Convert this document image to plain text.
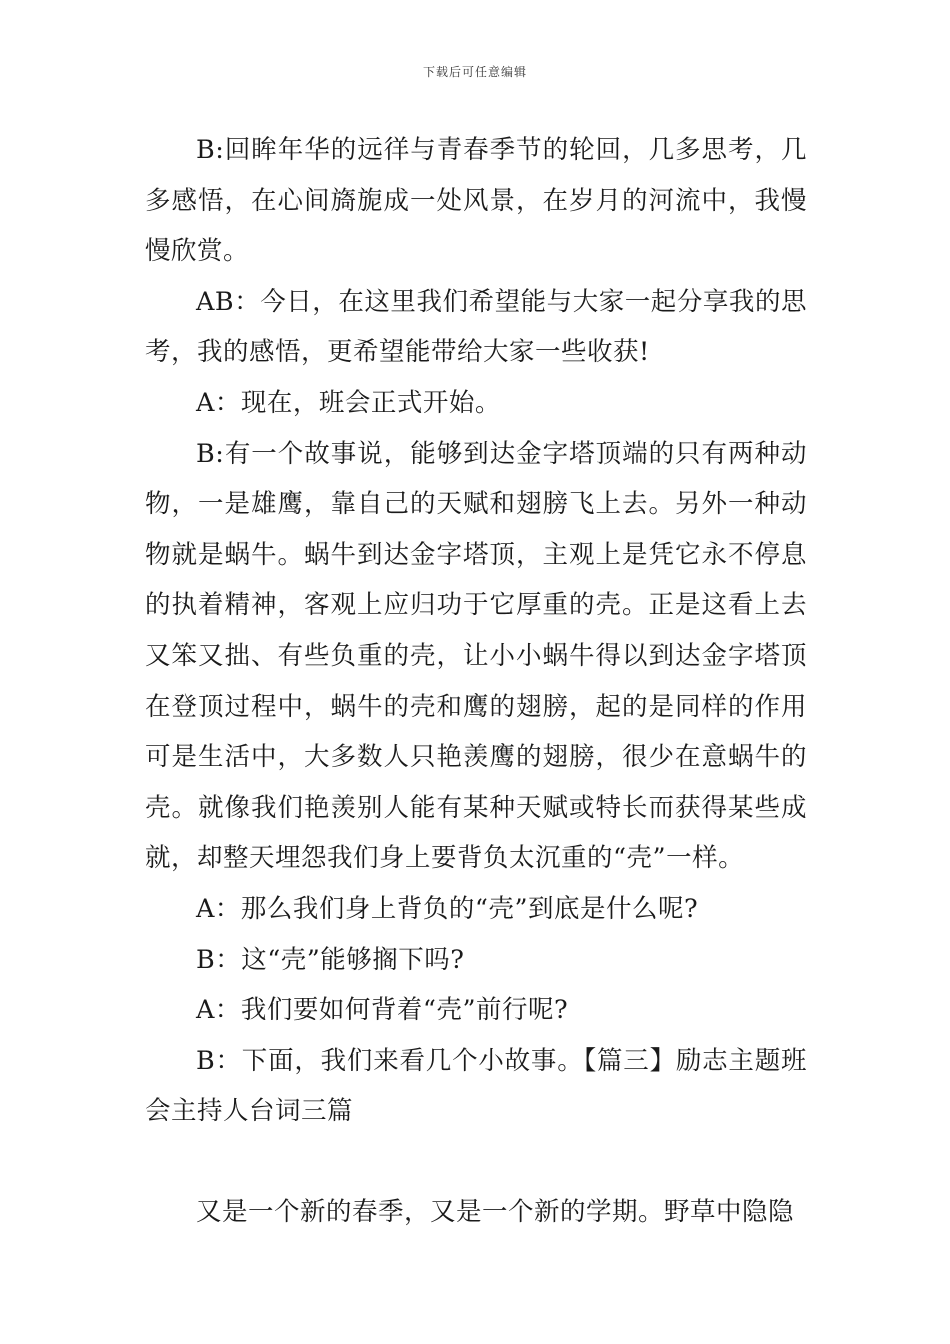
下载后可任意编辑

B:回眸年华的远徉与青春季节的轮回，几多思考，几多感悟，在心间旖旎成一处风景，在岁月的河流中，我慢慢欣赏。

AB：今日，在这里我们希望能与大家一起分享我的思考，我的感悟，更希望能带给大家一些收获!

A：现在，班会正式开始。

B:有一个故事说，能够到达金字塔顶端的只有两种动物，一是雄鹰，靠自己的天赋和翅膀飞上去。另外一种动物就是蜗牛。蜗牛到达金字塔顶，主观上是凭它永不停息的执着精神，客观上应归功于它厚重的壳。正是这看上去又笨又拙、有些负重的壳，让小小蜗牛得以到达金字塔顶在登顶过程中，蜗牛的壳和鹰的翅膀，起的是同样的作用可是生活中，大多数人只艳羡鹰的翅膀，很少在意蜗牛的壳。就像我们艳羡别人能有某种天赋或特长而获得某些成就，却整天埋怨我们身上要背负太沉重的“壳”一样。

A：那么我们身上背负的“壳”到底是什么呢?

B：这“壳”能够搁下吗?

A：我们要如何背着“壳”前行呢?

B：下面，我们来看几个小故事。【篇三】励志主题班会主持人台词三篇

又是一个新的春季，又是一个新的学期。野草中隐隐
